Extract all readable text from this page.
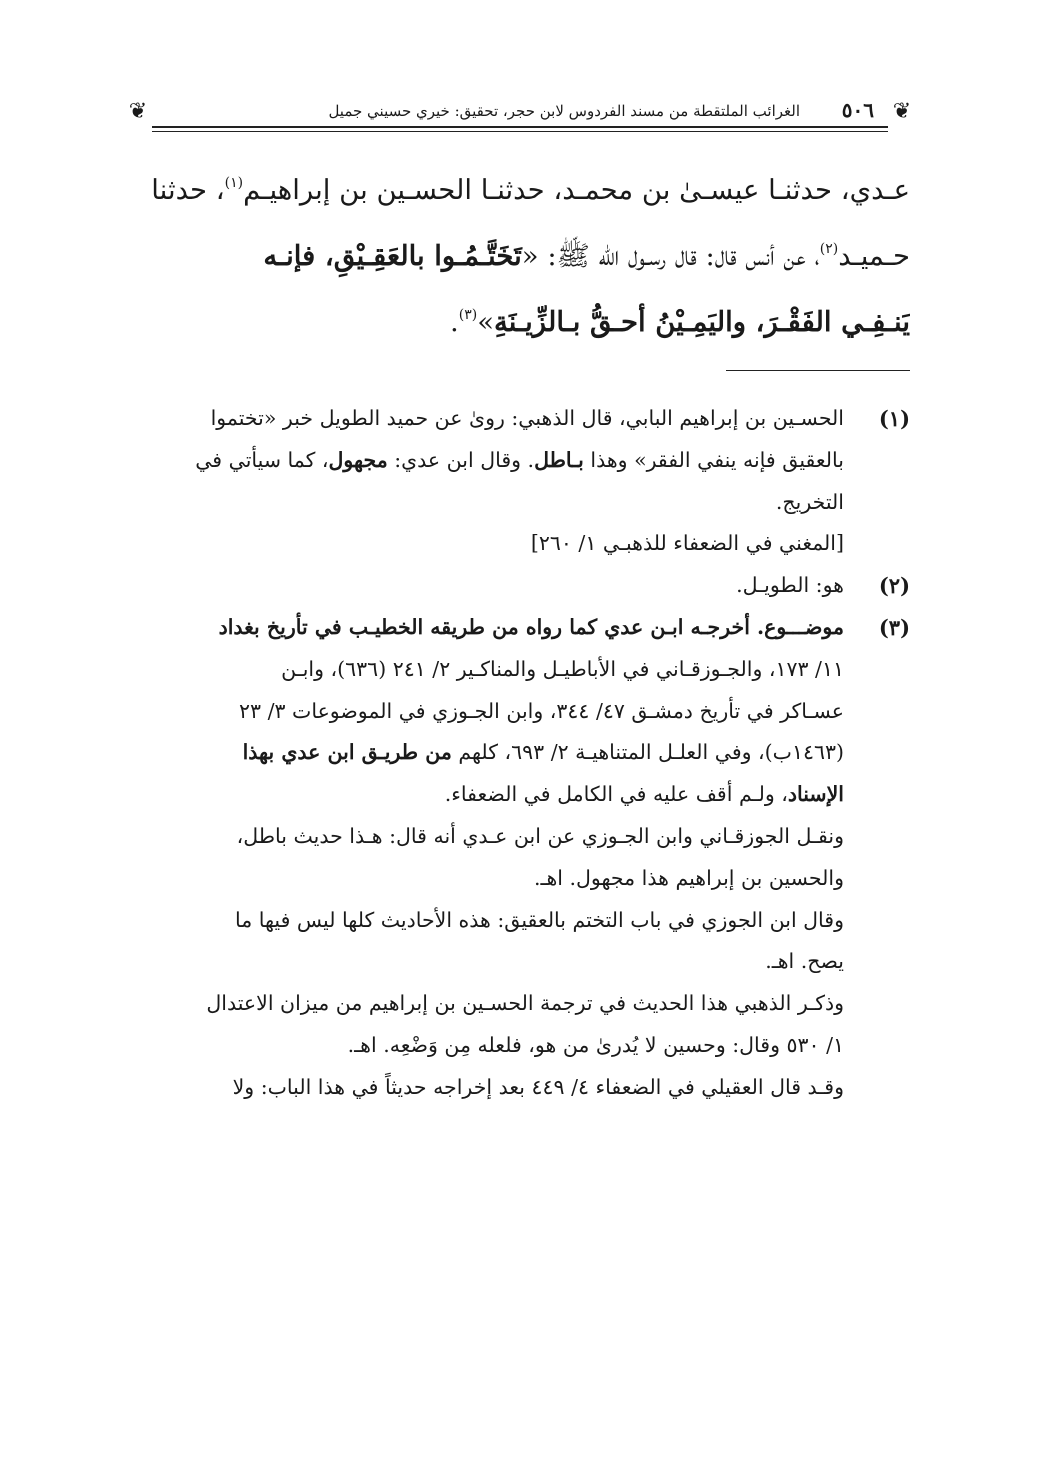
❦
٥٠٦
الغرائب الملتقطة من مسند الفردوس لابن حجر، تحقيق: خيري حسيني جميل
❦
عـدي، حدثنـا عيسـىٰ بن محمـد، حدثنـا الحسـين بن إبراهيـم$^{(١)}$، حدثنا
حـميـد$^{(٢)}$، عن أنس قال: قال رسـول الله ﷺ: «تَخَتَّـمُـوا بالعَقِـيْقِ، فإنـه
يَنـفِـي الفَقْـرَ، واليَمِـيْنُ أحـقُّ بـالزِّيـنَةِ»$^{(٣)}$.
(١)
الحسـين بن إبراهيم البابي، قال الذهبي: روىٰ عن حميد الطويل خبر «تختموا
بالعقيق فإنه ينفي الفقر» وهذا بـاطل. وقال ابن عدي: مجهول، كما سيأتي في
التخريج.
[المغني في الضعفاء للذهبـي ١/ ٢٦٠]
(٢)
هو: الطويـل.
(٣)
موضـــوع. أخرجـه ابـن عدي كما رواه من طريقه الخطيـب في تأريخ بغداد
١١/ ١٧٣، والجـوزقـاني في الأباطيـل والمناكـير ٢/ ٢٤١ (٦٣٦)، وابـن
عسـاكر في تأريخ دمشـق ٤٧/ ٣٤٤، وابن الجـوزي في الموضوعات ٣/ ٢٣
(١٤٦٣ب)، وفي العلـل المتناهيـة ٢/ ٦٩٣، كلهم من طريـق ابن عدي بهذا
الإسناد، ولـم أقف عليه في الكامل في الضعفاء.
ونقـل الجوزقـاني وابن الجـوزي عن ابن عـدي أنه قال: هـذا حديث باطل،
والحسين بن إبراهيم هذا مجهول. اهـ.
وقال ابن الجوزي في باب التختم بالعقيق: هذه الأحاديث كلها ليس فيها ما
يصح. اهـ.
وذكـر الذهبي هذا الحديث في ترجمة الحسـين بن إبراهيم من ميزان الاعتدال
١/ ٥٣٠ وقال: وحسين لا يُدرىٰ من هو، فلعله مِن وَضْعِه. اهـ.
وقـد قال العقيلي في الضعفاء ٤/ ٤٤٩ بعد إخراجه حديثاً في هذا الباب: ولا
